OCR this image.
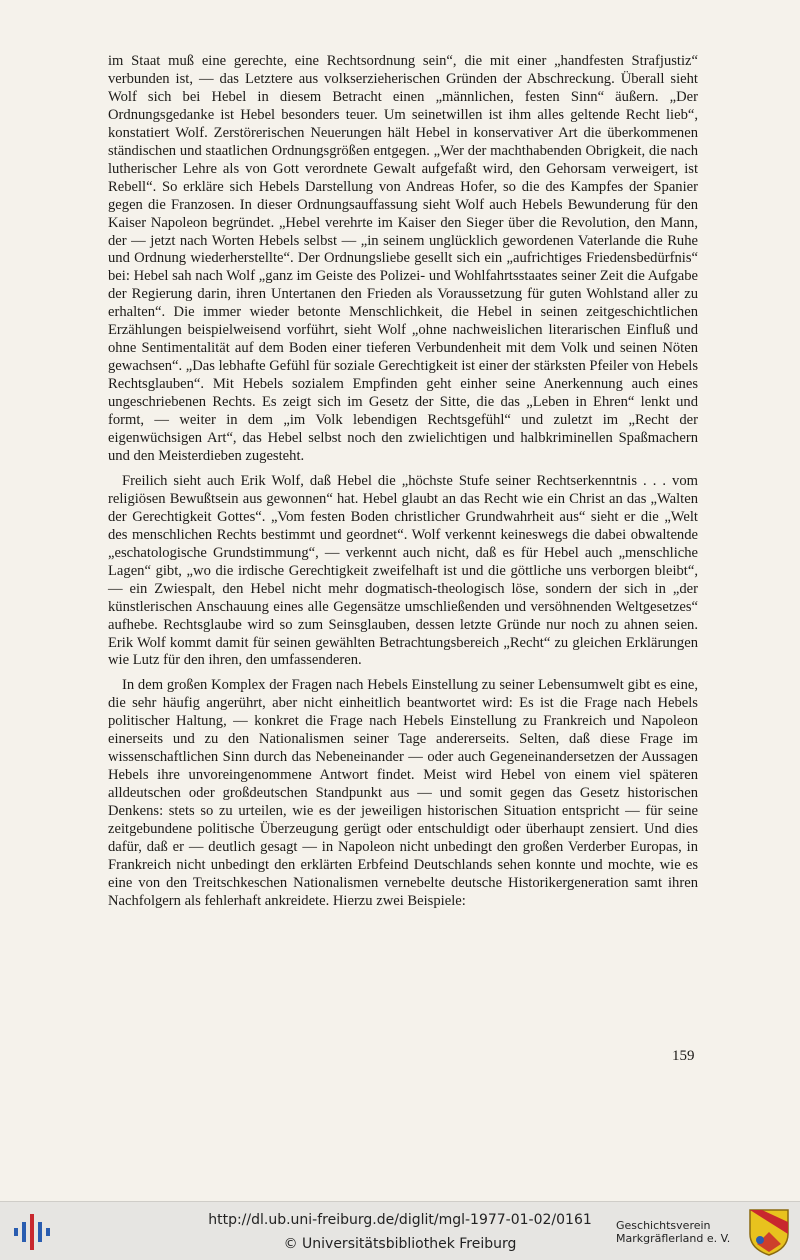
im Staat muß eine gerechte, eine Rechtsordnung sein“, die mit einer „handfesten Strafjustiz“ verbunden ist, — das Letztere aus volkserzieherischen Gründen der Abschreckung. Überall sieht Wolf sich bei Hebel in diesem Betracht einen „männlichen, festen Sinn“ äußern. „Der Ordnungsgedanke ist Hebel besonders teuer. Um seinetwillen ist ihm alles geltende Recht lieb“, konstatiert Wolf. Zerstörerischen Neuerungen hält Hebel in konservativer Art die überkommenen ständischen und staatlichen Ordnungsgrößen entgegen. „Wer der machthabenden Obrigkeit, die nach lutherischer Lehre als von Gott verordnete Gewalt aufgefaßt wird, den Gehorsam verweigert, ist Rebell“. So erkläre sich Hebels Darstellung von Andreas Hofer, so die des Kampfes der Spanier gegen die Franzosen. In dieser Ordnungsauffassung sieht Wolf auch Hebels Bewunderung für den Kaiser Napoleon begründet. „Hebel verehrte im Kaiser den Sieger über die Revolution, den Mann, der — jetzt nach Worten Hebels selbst — „in seinem unglücklich gewordenen Vaterlande die Ruhe und Ordnung wiederherstellte“. Der Ordnungsliebe gesellt sich ein „aufrichtiges Friedensbedürfnis“ bei: Hebel sah nach Wolf „ganz im Geiste des Polizei- und Wohlfahrtsstaates seiner Zeit die Aufgabe der Regierung darin, ihren Untertanen den Frieden als Voraussetzung für guten Wohlstand aller zu erhalten“. Die immer wieder betonte Menschlichkeit, die Hebel in seinen zeitgeschichtlichen Erzählungen beispielweisend vorführt, sieht Wolf „ohne nachweislichen literarischen Einfluß und ohne Sentimentalität auf dem Boden einer tieferen Verbundenheit mit dem Volk und seinen Nöten gewachsen“. „Das lebhafte Gefühl für soziale Gerechtigkeit ist einer der stärksten Pfeiler von Hebels Rechtsglauben“. Mit Hebels sozialem Empfinden geht einher seine Anerkennung auch eines ungeschriebenen Rechts. Es zeigt sich im Gesetz der Sitte, die das „Leben in Ehren“ lenkt und formt, — weiter in dem „im Volk lebendigen Rechtsgefühl“ und zuletzt im „Recht der eigenwüchsigen Art“, das Hebel selbst noch den zwielichtigen und halbkriminellen Spaßmachern und den Meisterdieben zugesteht.

Freilich sieht auch Erik Wolf, daß Hebel die „höchste Stufe seiner Rechtserkenntnis . . . vom religiösen Bewußtsein aus gewonnen“ hat. Hebel glaubt an das Recht wie ein Christ an das „Walten der Gerechtigkeit Gottes“. „Vom festen Boden christlicher Grundwahrheit aus“ sieht er die „Welt des menschlichen Rechts bestimmt und geordnet“. Wolf verkennt keineswegs die dabei obwaltende „eschatologische Grundstimmung“, — verkennt auch nicht, daß es für Hebel auch „menschliche Lagen“ gibt, „wo die irdische Gerechtigkeit zweifelhaft ist und die göttliche uns verborgen bleibt“, — ein Zwiespalt, den Hebel nicht mehr dogmatisch-theologisch löse, sondern der sich in „der künstlerischen Anschauung eines alle Gegensätze umschließenden und versöhnenden Weltgesetzes“ aufhebe. Rechtsglaube wird so zum Seinsglauben, dessen letzte Gründe nur noch zu ahnen seien. Erik Wolf kommt damit für seinen gewählten Betrachtungsbereich „Recht“ zu gleichen Erklärungen wie Lutz für den ihren, den umfassenderen.

In dem großen Komplex der Fragen nach Hebels Einstellung zu seiner Lebensumwelt gibt es eine, die sehr häufig angerührt, aber nicht einheitlich beantwortet wird: Es ist die Frage nach Hebels politischer Haltung, — konkret die Frage nach Hebels Einstellung zu Frankreich und Napoleon einerseits und zu den Nationalismen seiner Tage andererseits. Selten, daß diese Frage im wissenschaftlichen Sinn durch das Nebeneinander — oder auch Gegeneinandersetzen der Aussagen Hebels ihre unvoreingenommene Antwort findet. Meist wird Hebel von einem viel späteren alldeutschen oder großdeutschen Standpunkt aus — und somit gegen das Gesetz historischen Denkens: stets so zu urteilen, wie es der jeweiligen historischen Situation entspricht — für seine zeitgebundene politische Überzeugung gerügt oder entschuldigt oder überhaupt zensiert. Und dies dafür, daß er — deutlich gesagt — in Napoleon nicht unbedingt den großen Verderber Europas, in Frankreich nicht unbedingt den erklärten Erbfeind Deutschlands sehen konnte und mochte, wie es eine von den Treitschkeschen Nationalismen vernebelte deutsche Historikergeneration samt ihren Nachfolgern als fehlerhaft ankreidete. Hierzu zwei Beispiele:

159
http://dl.ub.uni-freiburg.de/diglit/mgl-1977-01-02/0161
© Universitätsbibliothek Freiburg
Geschichtsverein
Markgräflerland e. V.
